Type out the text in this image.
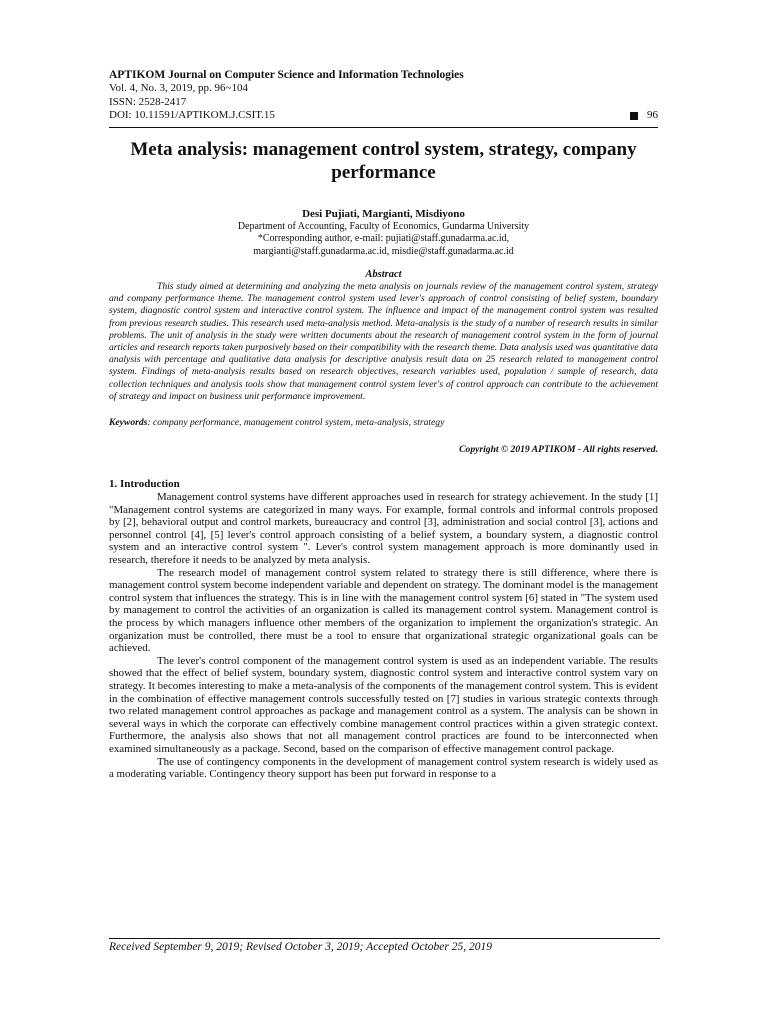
APTIKOM Journal on Computer Science and Information Technologies
Vol. 4, No. 3, 2019, pp. 96~104
ISSN: 2528-2417
DOI: 10.11591/APTIKOM.J.CSIT.15	96
Meta analysis: management control system, strategy, company performance
Desi Pujiati, Margianti, Misdiyono
Department of Accounting, Faculty of Economics, Gundarma University
*Corresponding author, e-mail: pujiati@staff.gunadarma.ac.id,
margianti@staff.gunadarma.ac.id, misdie@staff.gunadarma.ac.id
Abstract

This study aimed at determining and analyzing the meta analysis on journals review of the management control system, strategy and company performance theme. The management control system used lever's approach of control consisting of belief system, boundary system, diagnostic control system and interactive control system. The influence and impact of the management control system was resulted from previous research studies. This research used meta-analysis method. Meta-analysis is the study of a number of research results in similar problems. The unit of analysis in the study were written documents about the research of management control system in the form of journal articles and research reports taken purposively based on their compatibility with the research theme. Data analysis used was quantitative data analysis with percentage and qualitative data analysis for descriptive analysis result data on 25 research related to management control system. Findings of meta-analysis results based on research objectives, research variables used, population / sample of research, data collection techniques and analysis tools show that management control system lever's of control approach can contribute to the achievement of strategy and impact on business unit performance improvement.

Keywords: company performance, management control system, meta-analysis, strategy
Copyright © 2019 APTIKOM - All rights reserved.
1. Introduction

Management control systems have different approaches used in research for strategy achievement. In the study [1] "Management control systems are categorized in many ways. For example, formal controls and informal controls proposed by [2], behavioral output and control markets, bureaucracy and control [3], administration and social control [3], actions and personnel control [4], [5] lever's control approach consisting of a belief system, a boundary system, a diagnostic control system and an interactive control system ". Lever's control system management approach is more dominantly used in research, therefore it needs to be analyzed by meta analysis.

The research model of management control system related to strategy there is still difference, where there is management control system become independent variable and dependent on strategy. The dominant model is the management control system that influences the strategy. This is in line with the management control system [6] stated in "The system used by management to control the activities of an organization is called its management control system. Management control is the process by which managers influence other members of the organization to implement the organization's strategic. An organization must be controlled, there must be a tool to ensure that organizational strategic organizational goals can be achieved.

The lever's control component of the management control system is used as an independent variable. The results showed that the effect of belief system, boundary system, diagnostic control system and interactive control system vary on strategy. It becomes interesting to make a meta-analysis of the components of the management control system. This is evident in the combination of effective management controls successfully tested on [7] studies in various strategic contexts through two related management control approaches as package and management control as a system. The analysis can be shown in several ways in which the corporate can effectively combine management control practices within a given strategic context. Furthermore, the analysis also shows that not all management control practices are found to be interconnected when examined simultaneously as a package. Second, based on the comparison of effective management control package.

The use of contingency components in the development of management control system research is widely used as a moderating variable. Contingency theory support has been put forward in response to a

Received September 9, 2019; Revised October 3, 2019; Accepted October 25, 2019
